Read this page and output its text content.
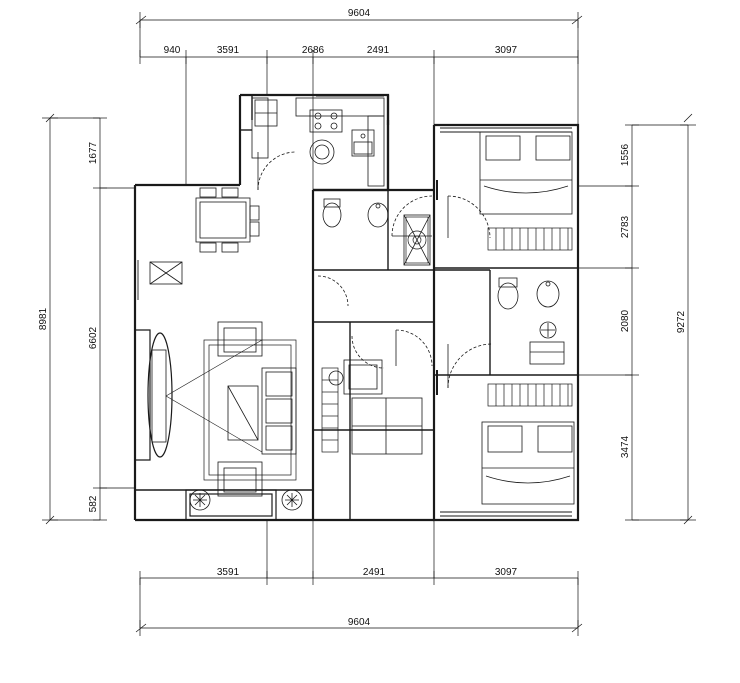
9604
940	3591	2686	2491	3097
3591	2491	3097
9604
8981
1677
6602
582
1556
2783
2080
3474
9272
